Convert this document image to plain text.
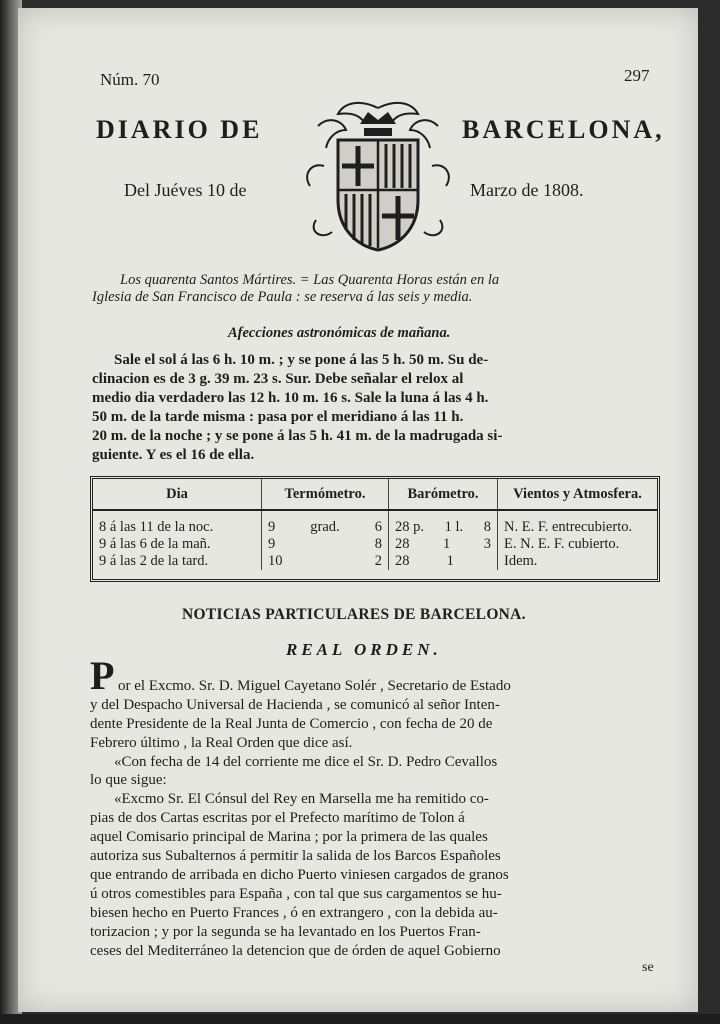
Núm. 70	297
DIARIO DE	BARCELONA,
Del Juéves 10 de	Marzo de 1808.
Los quarenta Santos Mártires. = Las Quarenta Horas están en la
Iglesia de San Francisco de Paula : se reserva á las seis y media.
Afecciones astronómicas de mañana.
Sale el sol á las 6 h. 10 m. ; y se pone á las 5 h. 50 m. Su de-
clinacion es de 3 g. 39 m. 23 s. Sur. Debe señalar el relox al
medio dia verdadero las 12 h. 10 m. 16 s. Sale la luna á las 4 h.
50 m. de la tarde misma : pasa por el meridiano á las 11 h.
20 m. de la noche ; y se pone á las 5 h. 41 m. de la madrugada si-
guiente. Y es el 16 de ella.
Dia	Termómetro.	Barómetro.	Vientos y Atmosfera.
8 á las 11 de la noc.	9 grad. 6	28 p. 1 l. 8	N. E. F. entrecubierto.
9 á las 6 de la mañ.	9 8	28 1 3	E. N. E. F. cubierto.
9 á las 2 de la tard.	10 2	28 1	Idem.
NOTICIAS PARTICULARES DE BARCELONA.
REAL ORDEN.
P or el Excmo. Sr. D. Miguel Cayetano Solér , Secretario de Estado
y del Despacho Universal de Hacienda , se comunicó al señor Inten-
dente Presidente de la Real Junta de Comercio , con fecha de 20 de
Febrero último , la Real Orden que dice así.
«Con fecha de 14 del corriente me dice el Sr. D. Pedro Cevallos
lo que sigue:
«Excmo Sr. El Cónsul del Rey en Marsella me ha remitido co-
pias de dos Cartas escritas por el Prefecto marítimo de Tolon á
aquel Comisario principal de Marina ; por la primera de las quales
autoriza sus Subalternos á permitir la salida de los Barcos Españoles
que entrando de arribada en dicho Puerto viniesen cargados de granos
ú otros comestibles para España , con tal que sus cargamentos se hu-
biesen hecho en Puerto Frances , ó en extrangero , con la debida au-
torizacion ; y por la segunda se ha levantado en los Puertos Fran-
ceses del Mediterráneo la detencion que de órden de aquel Gobierno
se
